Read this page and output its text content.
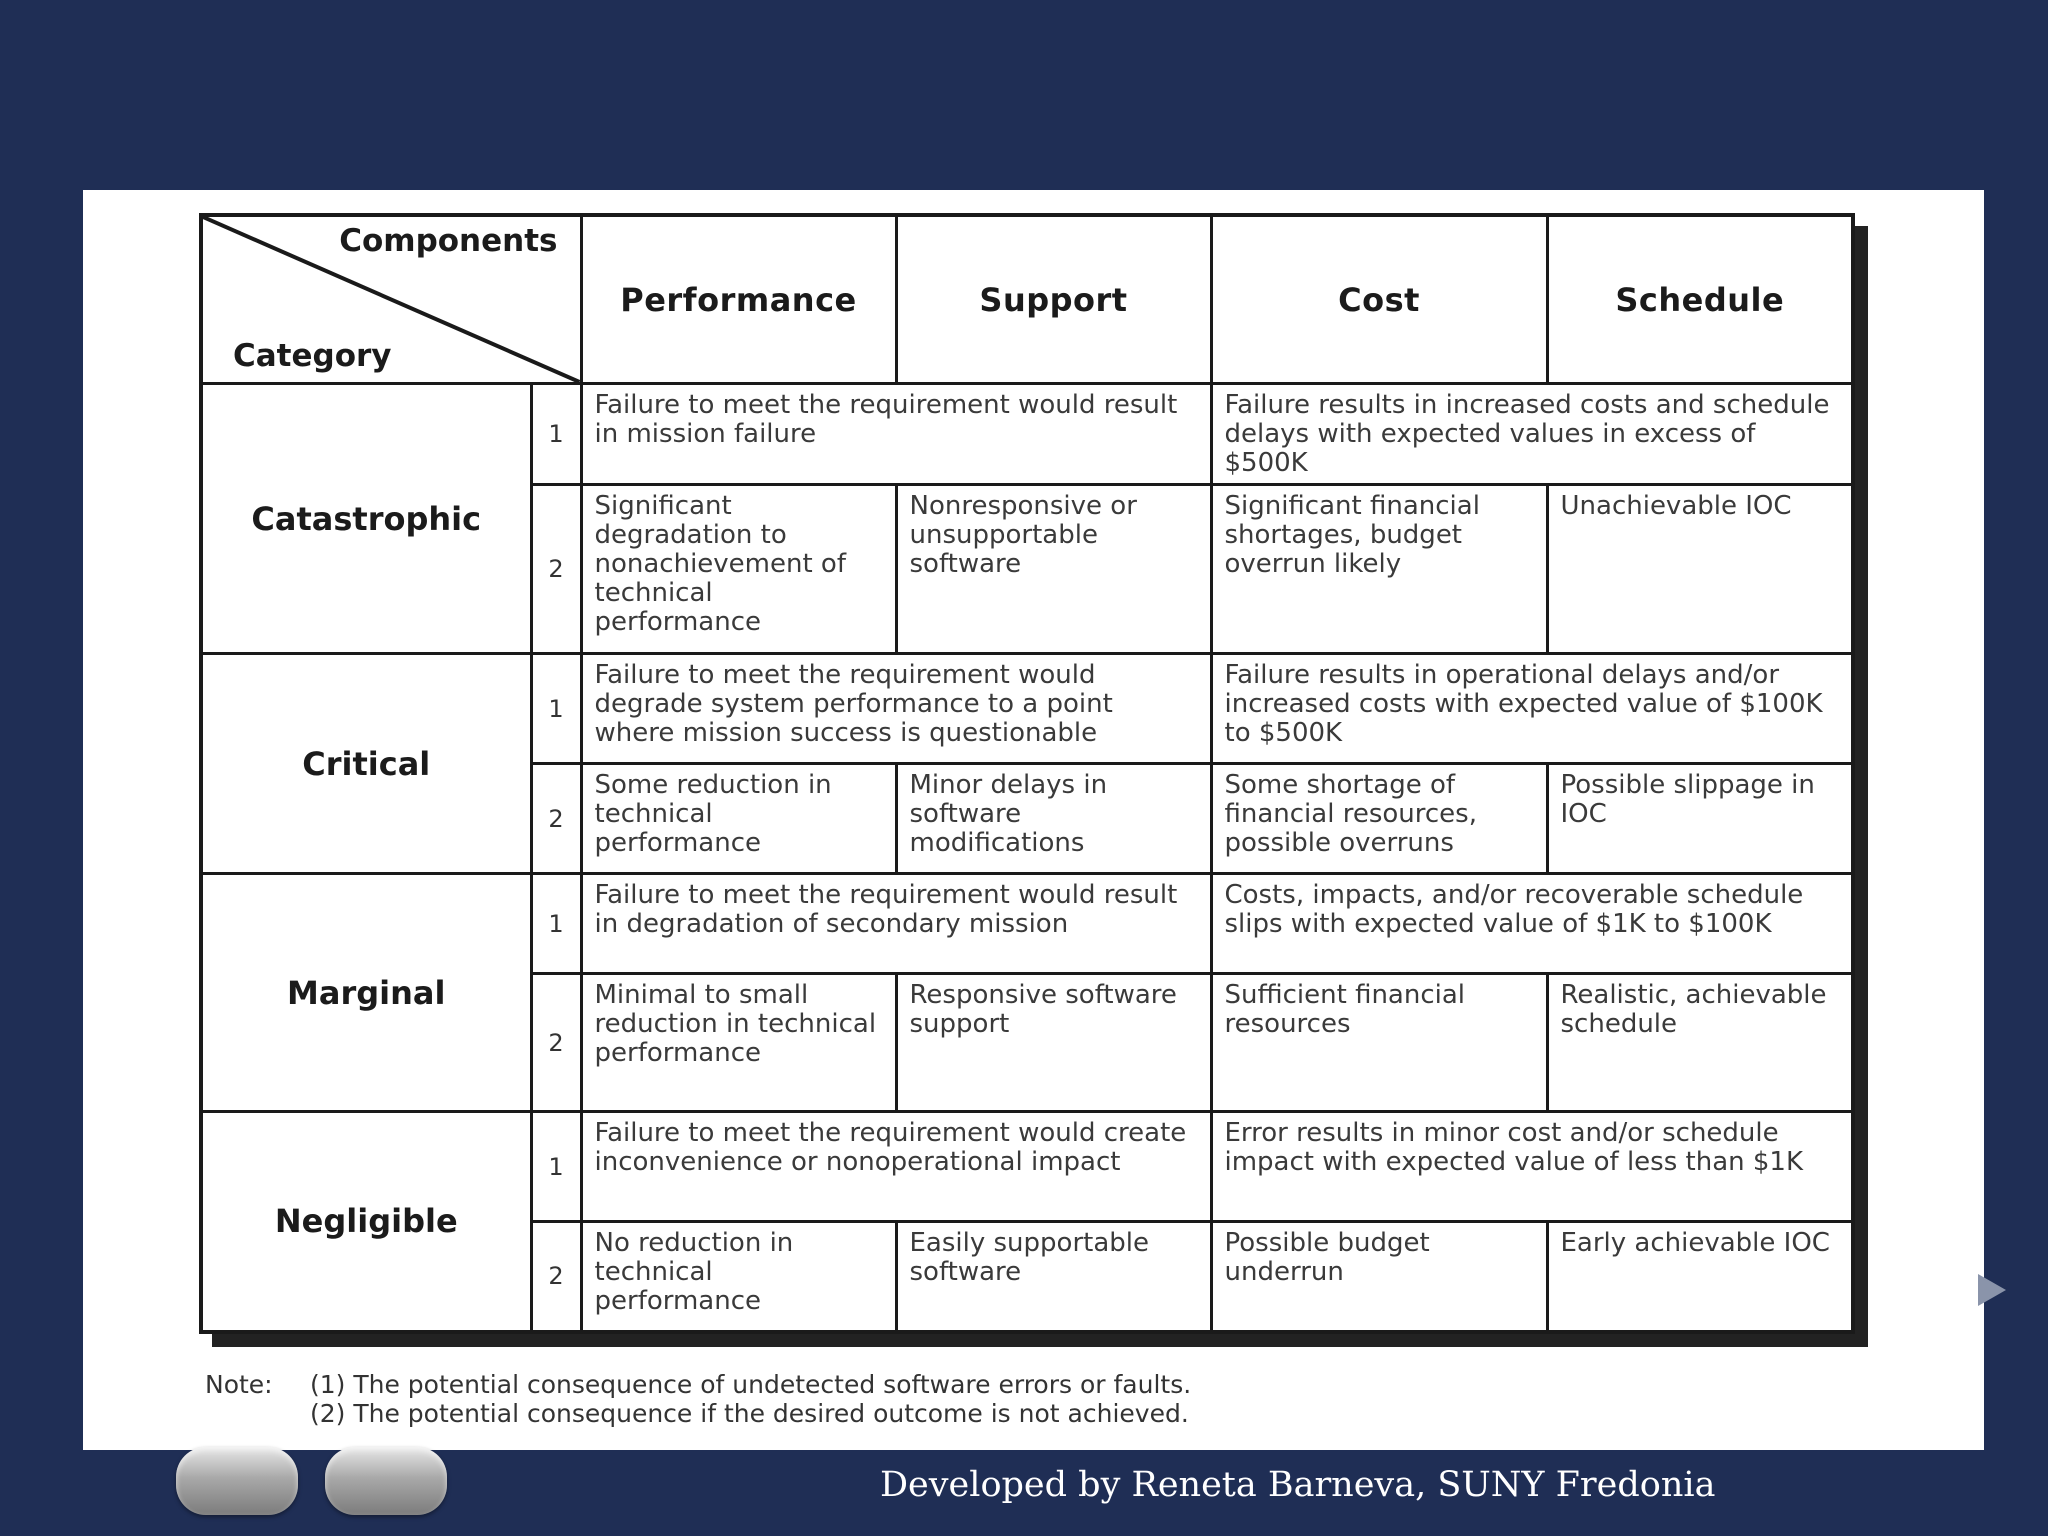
Components
Category		Performance	Support	Cost	Schedule
Catastrophic	1	Failure to meet the requirement would result in mission failure		Failure results in increased costs and schedule delays with expected values in excess of $500K	
	2	Significant degradation to nonachievement of technical performance	Nonresponsive or unsupportable software	Significant financial shortages, budget overrun likely	Unachievable IOC
Critical	1	Failure to meet the requirement would degrade system performance to a point where mission success is questionable		Failure results in operational delays and/or increased costs with expected value of $100K to $500K	
	2	Some reduction in technical performance	Minor delays in software modifications	Some shortage of financial resources, possible overruns	Possible slippage in IOC
Marginal	1	Failure to meet the requirement would result in degradation of secondary mission		Costs, impacts, and/or recoverable schedule slips with expected value of $1K to $100K	
	2	Minimal to small reduction in technical performance	Responsive software support	Sufficient financial resources	Realistic, achievable schedule
Negligible	1	Failure to meet the requirement would create inconvenience or nonoperational impact		Error results in minor cost and/or schedule impact with expected value of less than $1K	
	2	No reduction in technical performance	Easily supportable software	Possible budget underrun	Early achievable IOC
Note: (1) The potential consequence of undetected software errors or faults.
(2) The potential consequence if the desired outcome is not achieved.
Developed by Reneta Barneva, SUNY Fredonia
